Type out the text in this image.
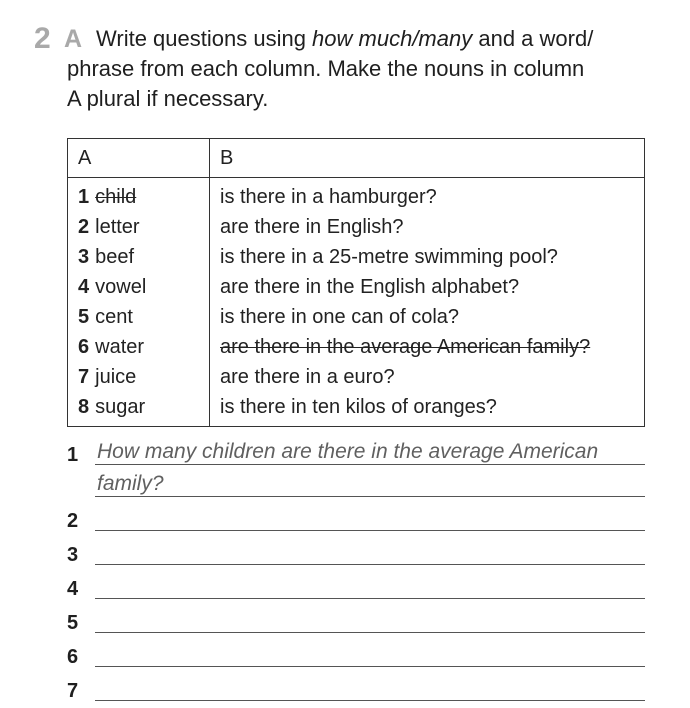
2 A Write questions using how much/many and a word/
phrase from each column. Make the nouns in column
A plural if necessary.
A	B
1 child	is there in a hamburger?
2 letter	are there in English?
3 beef	is there in a 25-metre swimming pool?
4 vowel	are there in the English alphabet?
5 cent	is there in one can of cola?
6 water	are there in the average American family?
7 juice	are there in a euro?
8 sugar	is there in ten kilos of oranges?
1 How many children are there in the average American
family?
2
3
4
5
6
7
